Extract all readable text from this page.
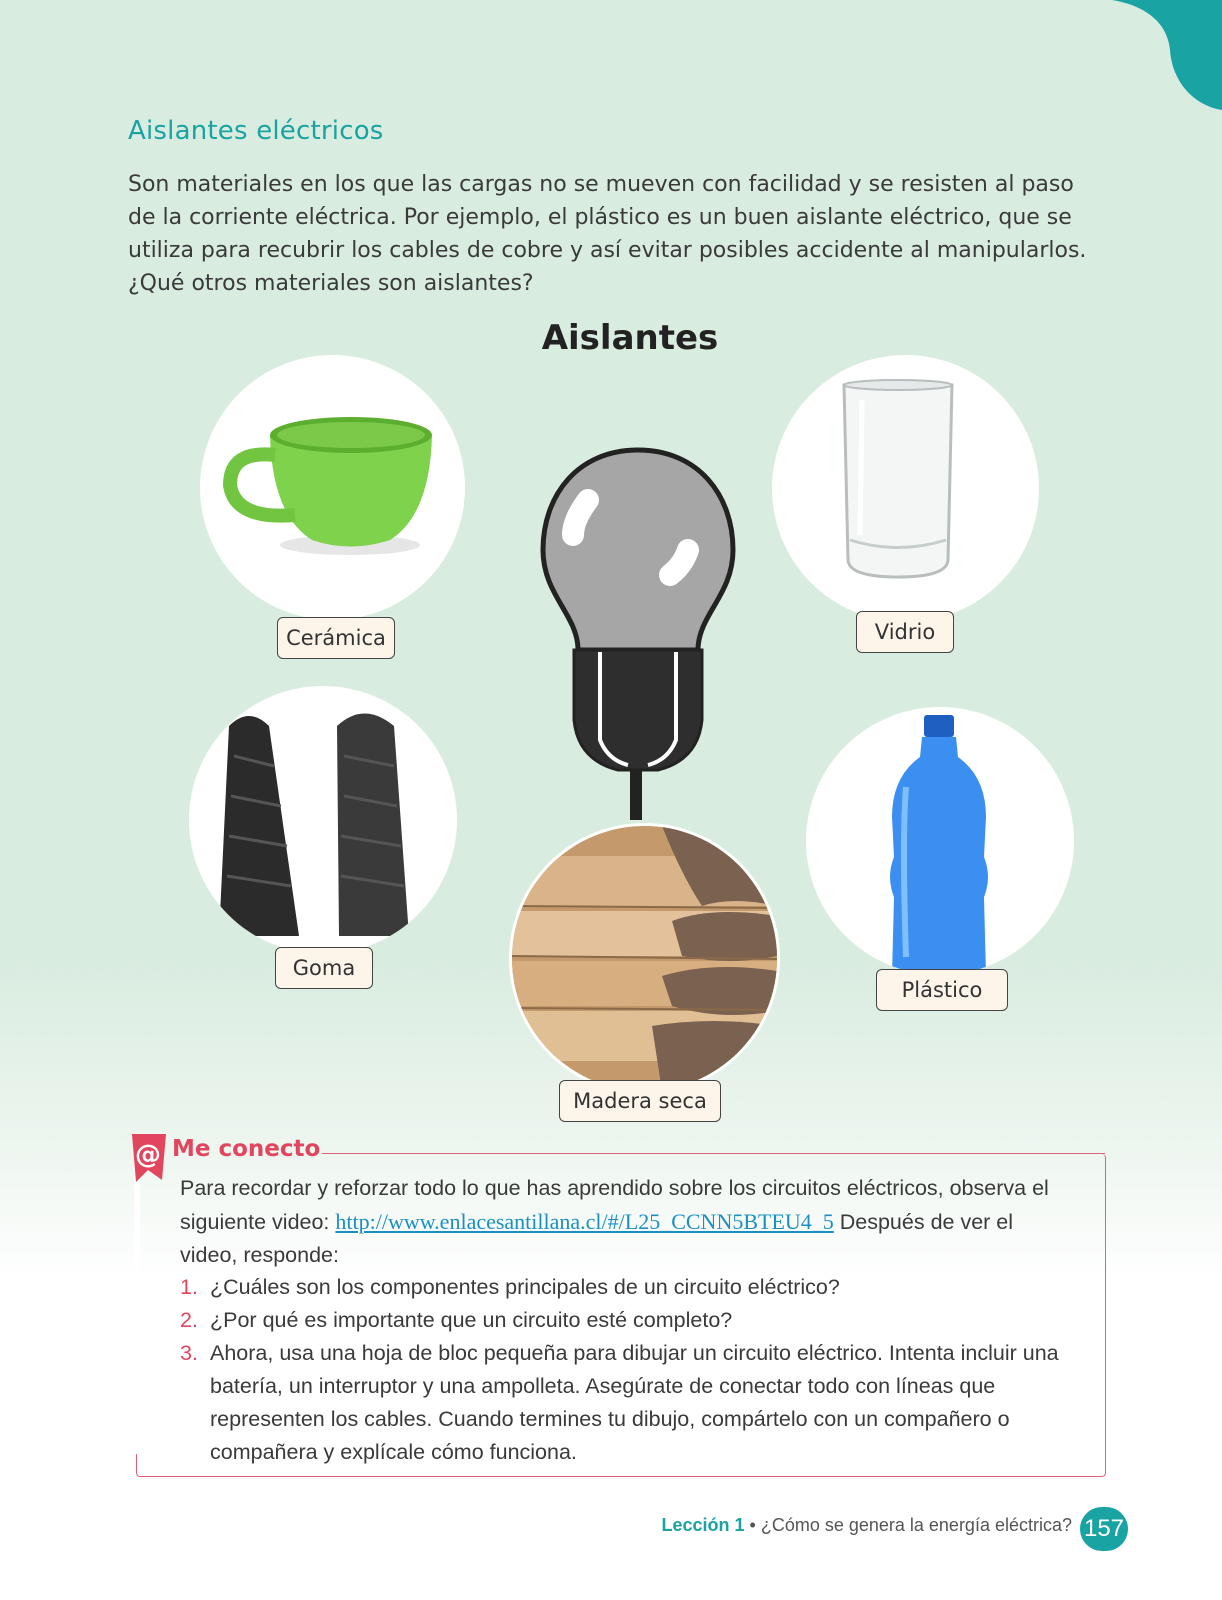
Aislantes eléctricos

Son materiales en los que las cargas no se mueven con facilidad y se resisten al paso de la corriente eléctrica. Por ejemplo, el plástico es un buen aislante eléctrico, que se utiliza para recubrir los cables de cobre y así evitar posibles accidente al manipularlos. ¿Qué otros materiales son aislantes?

Aislantes
Cerámica	Vidrio
Goma
Plástico
Madera seca
@ Me conecto

Para recordar y reforzar todo lo que has aprendido sobre los circuitos eléctricos, observa el siguiente video: http://www.enlacesantillana.cl/#/L25_CCNN5BTEU4_5 Después de ver el video, responde:

1. ¿Cuáles son los componentes principales de un circuito eléctrico?
2. ¿Por qué es importante que un circuito esté completo?
3. Ahora, usa una hoja de bloc pequeña para dibujar un circuito eléctrico. Intenta incluir una batería, un interruptor y una ampolleta. Asegúrate de conectar todo con líneas que representen los cables. Cuando termines tu dibujo, compártelo con un compañero o compañera y explícale cómo funciona.
Lección 1 • ¿Cómo se genera la energía eléctrica? 157
